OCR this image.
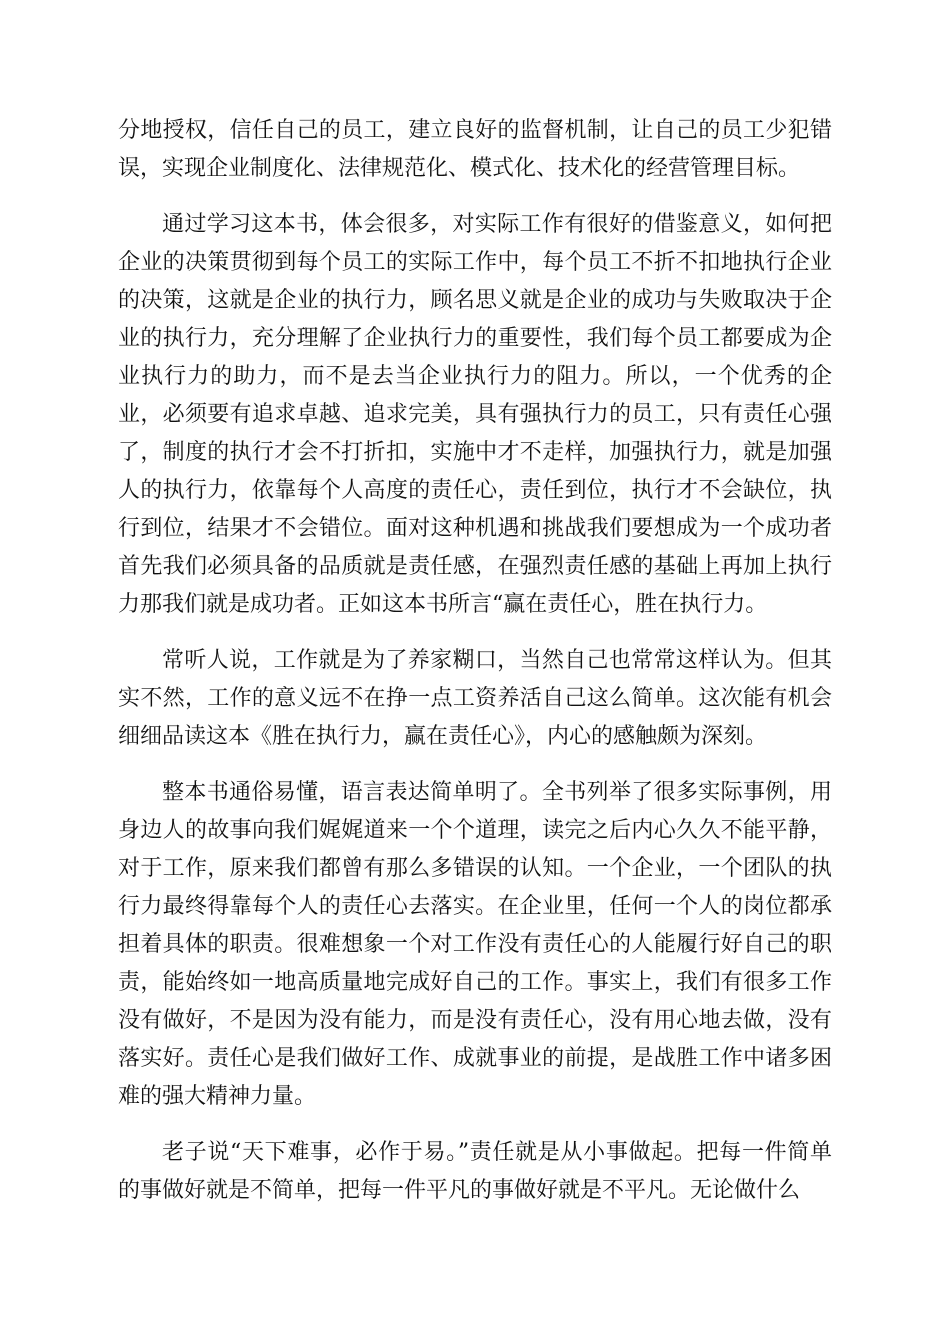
分地授权，信任自己的员工，建立良好的监督机制，让自己的员工少犯错误，实现企业制度化、法律规范化、模式化、技术化的经营管理目标。

通过学习这本书，体会很多，对实际工作有很好的借鉴意义，如何把企业的决策贯彻到每个员工的实际工作中，每个员工不折不扣地执行企业的决策，这就是企业的执行力，顾名思义就是企业的成功与失败取决于企业的执行力，充分理解了企业执行力的重要性，我们每个员工都要成为企业执行力的助力，而不是去当企业执行力的阻力。所以，一个优秀的企业，必须要有追求卓越、追求完美，具有强执行力的员工，只有责任心强了，制度的执行才会不打折扣，实施中才不走样，加强执行力，就是加强人的执行力，依靠每个人高度的责任心，责任到位，执行才不会缺位，执行到位，结果才不会错位。面对这种机遇和挑战我们要想成为一个成功者首先我们必须具备的品质就是责任感，在强烈责任感的基础上再加上执行力那我们就是成功者。正如这本书所言“赢在责任心，胜在执行力。

常听人说，工作就是为了养家糊口，当然自己也常常这样认为。但其实不然，工作的意义远不在挣一点工资养活自己这么简单。这次能有机会细细品读这本《胜在执行力，赢在责任心》，内心的感触颇为深刻。

整本书通俗易懂，语言表达简单明了。全书列举了很多实际事例，用身边人的故事向我们娓娓道来一个个道理，读完之后内心久久不能平静，对于工作，原来我们都曾有那么多错误的认知。一个企业，一个团队的执行力最终得靠每个人的责任心去落实。在企业里，任何一个人的岗位都承担着具体的职责。很难想象一个对工作没有责任心的人能履行好自己的职责，能始终如一地高质量地完成好自己的工作。事实上，我们有很多工作没有做好，不是因为没有能力，而是没有责任心，没有用心地去做，没有落实好。责任心是我们做好工作、成就事业的前提，是战胜工作中诸多困难的强大精神力量。

老子说“天下难事，必作于易。”责任就是从小事做起。把每一件简单的事做好就是不简单，把每一件平凡的事做好就是不平凡。无论做什么
